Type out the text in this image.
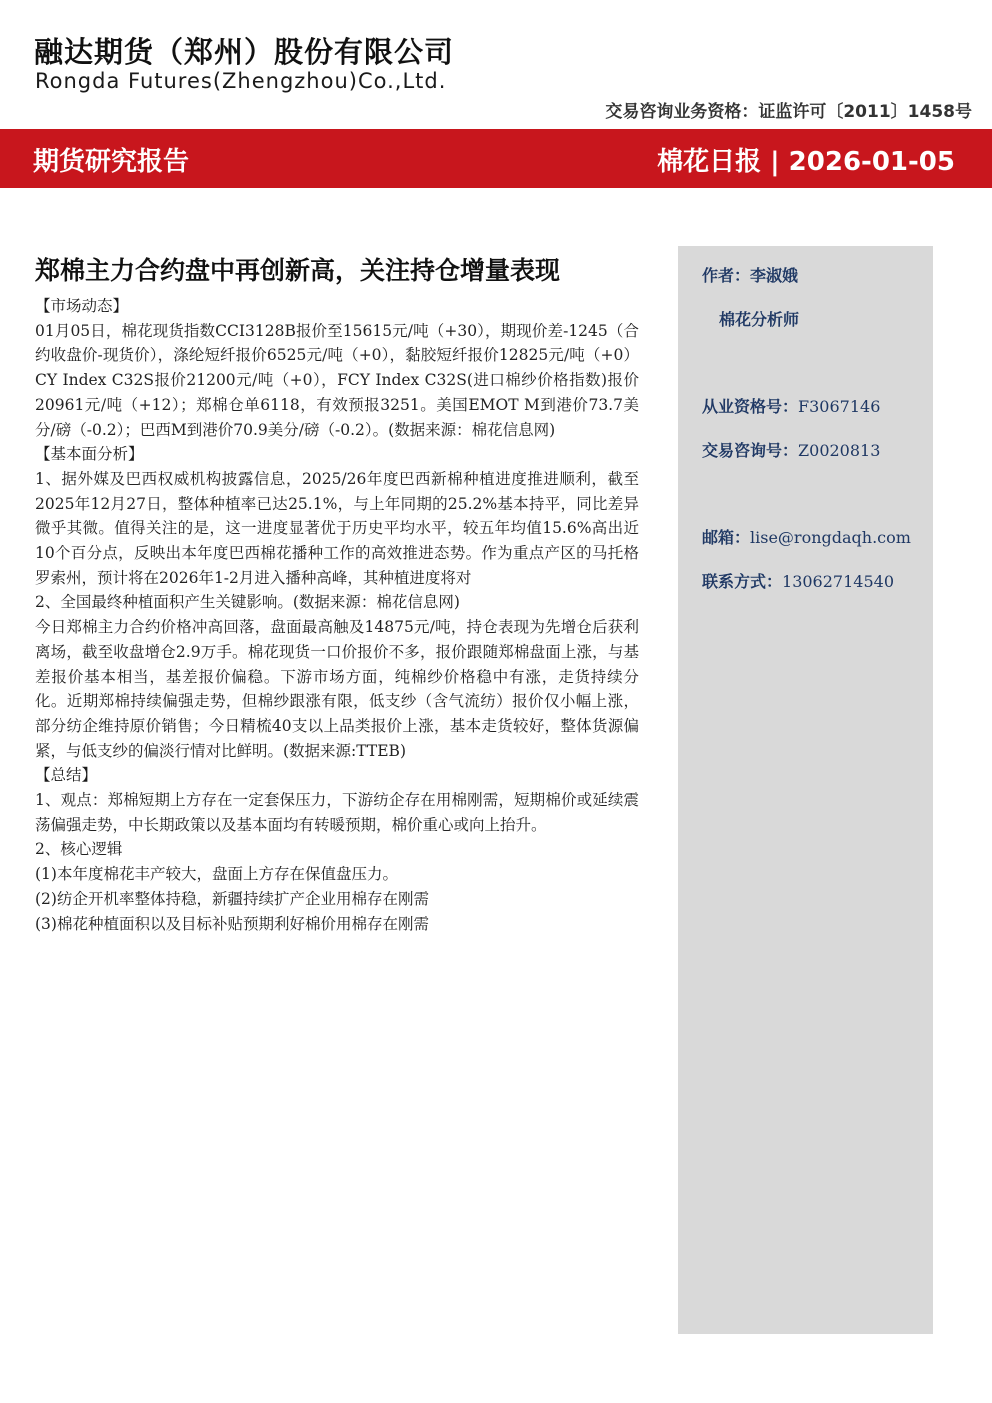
融达期货（郑州）股份有限公司
Rongda Futures(Zhengzhou)Co.,Ltd.
交易咨询业务资格：证监许可〔2011〕1458号
期货研究报告	棉花日报 | 2026-01-05
郑棉主力合约盘中再创新高，关注持仓增量表现
【市场动态】

01月05日，棉花现货指数CCI3128B报价至15615元/吨（+30），期现价差-1245（合约收盘价-现货价），涤纶短纤报价6525元/吨（+0），黏胶短纤报价12825元/吨（+0）CY Index C32S报价21200元/吨（+0），FCY Index C32S(进口棉纱价格指数)报价20961元/吨（+12）；郑棉仓单6118，有效预报3251。美国EMOT M到港价73.7美分/磅（-0.2）；巴西M到港价70.9美分/磅（-0.2）。(数据来源：棉花信息网)

【基本面分析】

1、据外媒及巴西权威机构披露信息，2025/26年度巴西新棉种植进度推进顺利，截至2025年12月27日，整体种植率已达25.1%，与上年同期的25.2%基本持平，同比差异微乎其微。值得关注的是，这一进度显著优于历史平均水平，较五年均值15.6%高出近10个百分点，反映出本年度巴西棉花播种工作的高效推进态势。作为重点产区的马托格罗索州，预计将在2026年1-2月进入播种高峰，其种植进度将对

2、全国最终种植面积产生关键影响。(数据来源：棉花信息网)

今日郑棉主力合约价格冲高回落，盘面最高触及14875元/吨，持仓表现为先增仓后获利离场，截至收盘增仓2.9万手。棉花现货一口价报价不多，报价跟随郑棉盘面上涨，与基差报价基本相当，基差报价偏稳。下游市场方面，纯棉纱价格稳中有涨，走货持续分化。近期郑棉持续偏强走势，但棉纱跟涨有限，低支纱（含气流纺）报价仅小幅上涨，部分纺企维持原价销售；今日精梳40支以上品类报价上涨，基本走货较好，整体货源偏紧，与低支纱的偏淡行情对比鲜明。(数据来源:TTEB)

【总结】

1、观点：郑棉短期上方存在一定套保压力，下游纺企存在用棉刚需，短期棉价或延续震荡偏强走势，中长期政策以及基本面均有转暖预期，棉价重心或向上抬升。

2、核心逻辑

(1)本年度棉花丰产较大，盘面上方存在保值盘压力。

(2)纺企开机率整体持稳，新疆持续扩产企业用棉存在刚需

(3)棉花种植面积以及目标补贴预期利好棉价用棉存在刚需

作者：李淑娥
棉花分析师
从业资格号：F3067146
交易咨询号：Z0020813
邮箱：lise@rongdaqh.com
联系方式：13062714540
